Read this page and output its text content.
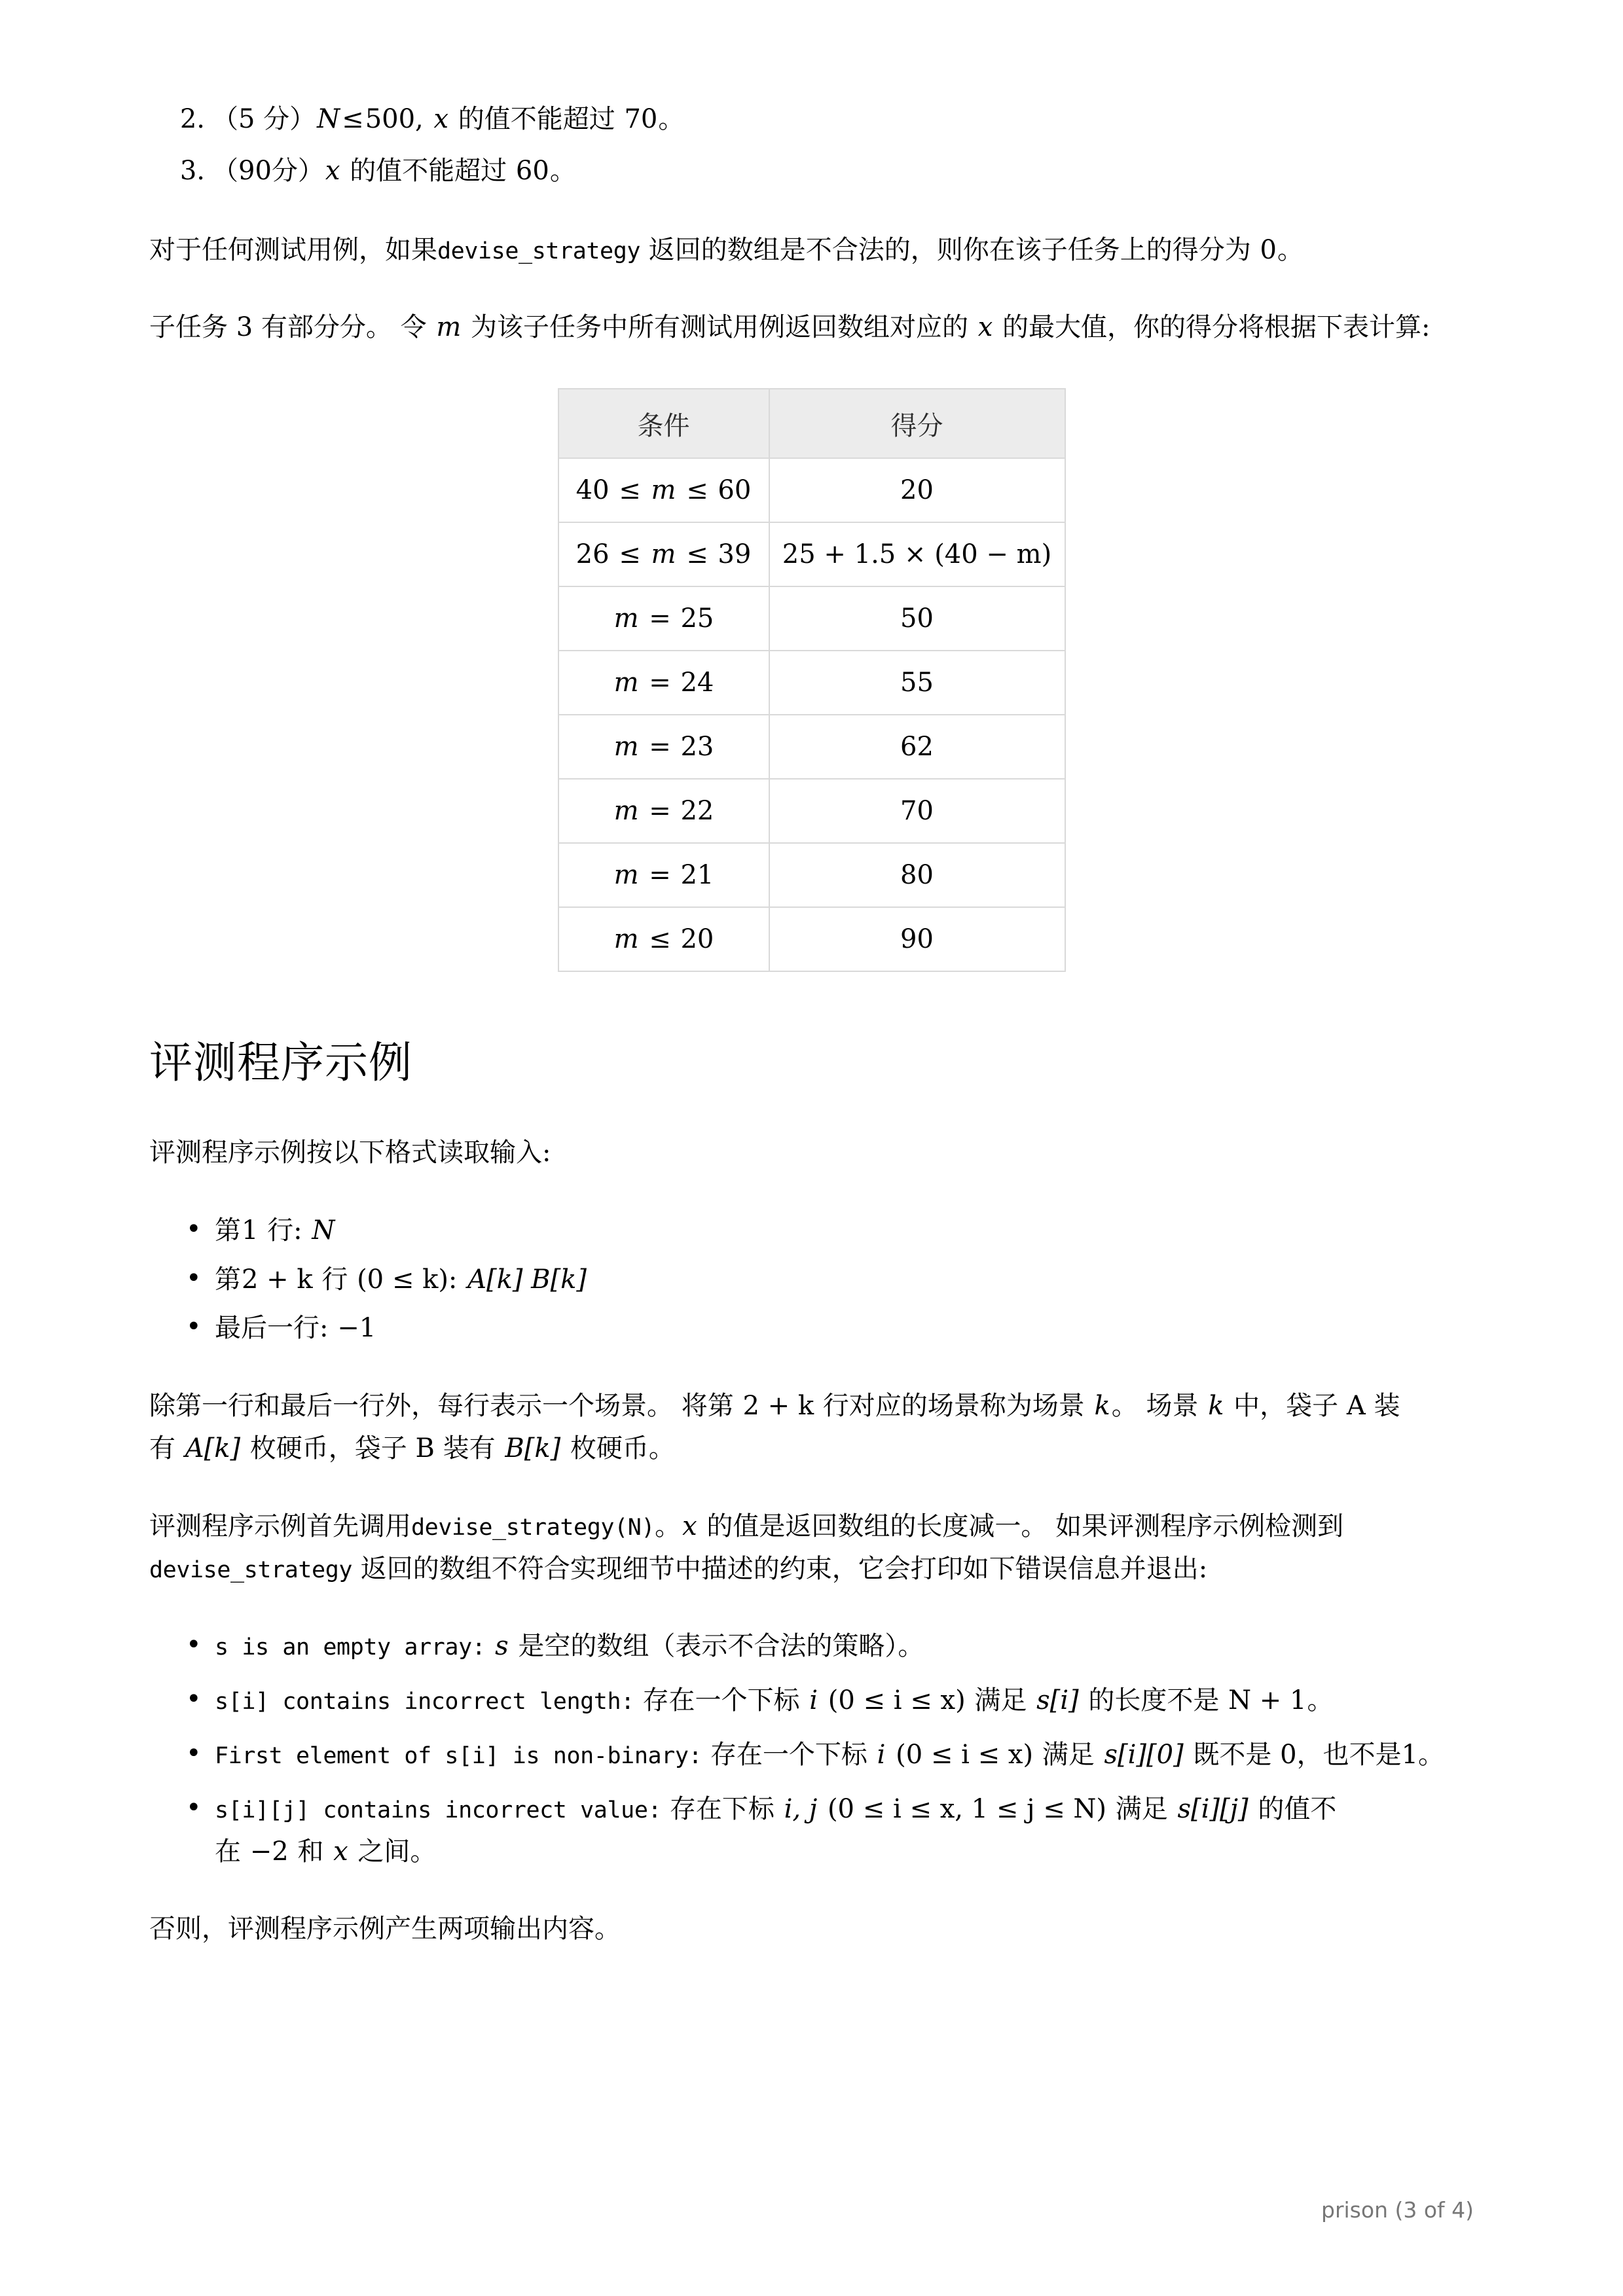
2. （5 分）N≤500, x 的值不能超过 70。
3. （90分）x 的值不能超过 60。

对于任何测试用例，如果devise_strategy 返回的数组是不合法的，则你在该子任务上的得分为 0。

子任务 3 有部分分。 令 m 为该子任务中所有测试用例返回数组对应的 x 的最大值，你的得分将根据下表计算:

条件	得分
40 ≤ m ≤ 60	20
26 ≤ m ≤ 39	25 + 1.5 × (40 − m)
m = 25	50
m = 24	55
m = 23	62
m = 22	70
m = 21	80
m ≤ 20	90
评测程序示例

评测程序示例按以下格式读取输入:

• 第1 行: N
• 第2 + k 行 (0 ≤ k): A[k] B[k]
• 最后一行: −1

除第一行和最后一行外，每行表示一个场景。 将第 2 + k 行对应的场景称为场景 k。 场景 k 中，袋子 A 装有 A[k] 枚硬币，袋子 B 装有 B[k] 枚硬币。

评测程序示例首先调用devise_strategy(N)。x 的值是返回数组的长度减一。 如果评测程序示例检测到devise_strategy 返回的数组不符合实现细节中描述的约束，它会打印如下错误信息并退出:

• s is an empty array: s 是空的数组（表示不合法的策略）。
• s[i] contains incorrect length: 存在一个下标 i (0 ≤ i ≤ x) 满足 s[i] 的长度不是 N + 1。
• First element of s[i] is non-binary: 存在一个下标 i (0 ≤ i ≤ x) 满足 s[i][0] 既不是 0，也不是1。
• s[i][j] contains incorrect value: 存在下标 i, j (0 ≤ i ≤ x, 1 ≤ j ≤ N) 满足 s[i][j] 的值不在 −2 和 x 之间。

否则，评测程序示例产生两项输出内容。

prison (3 of 4)
